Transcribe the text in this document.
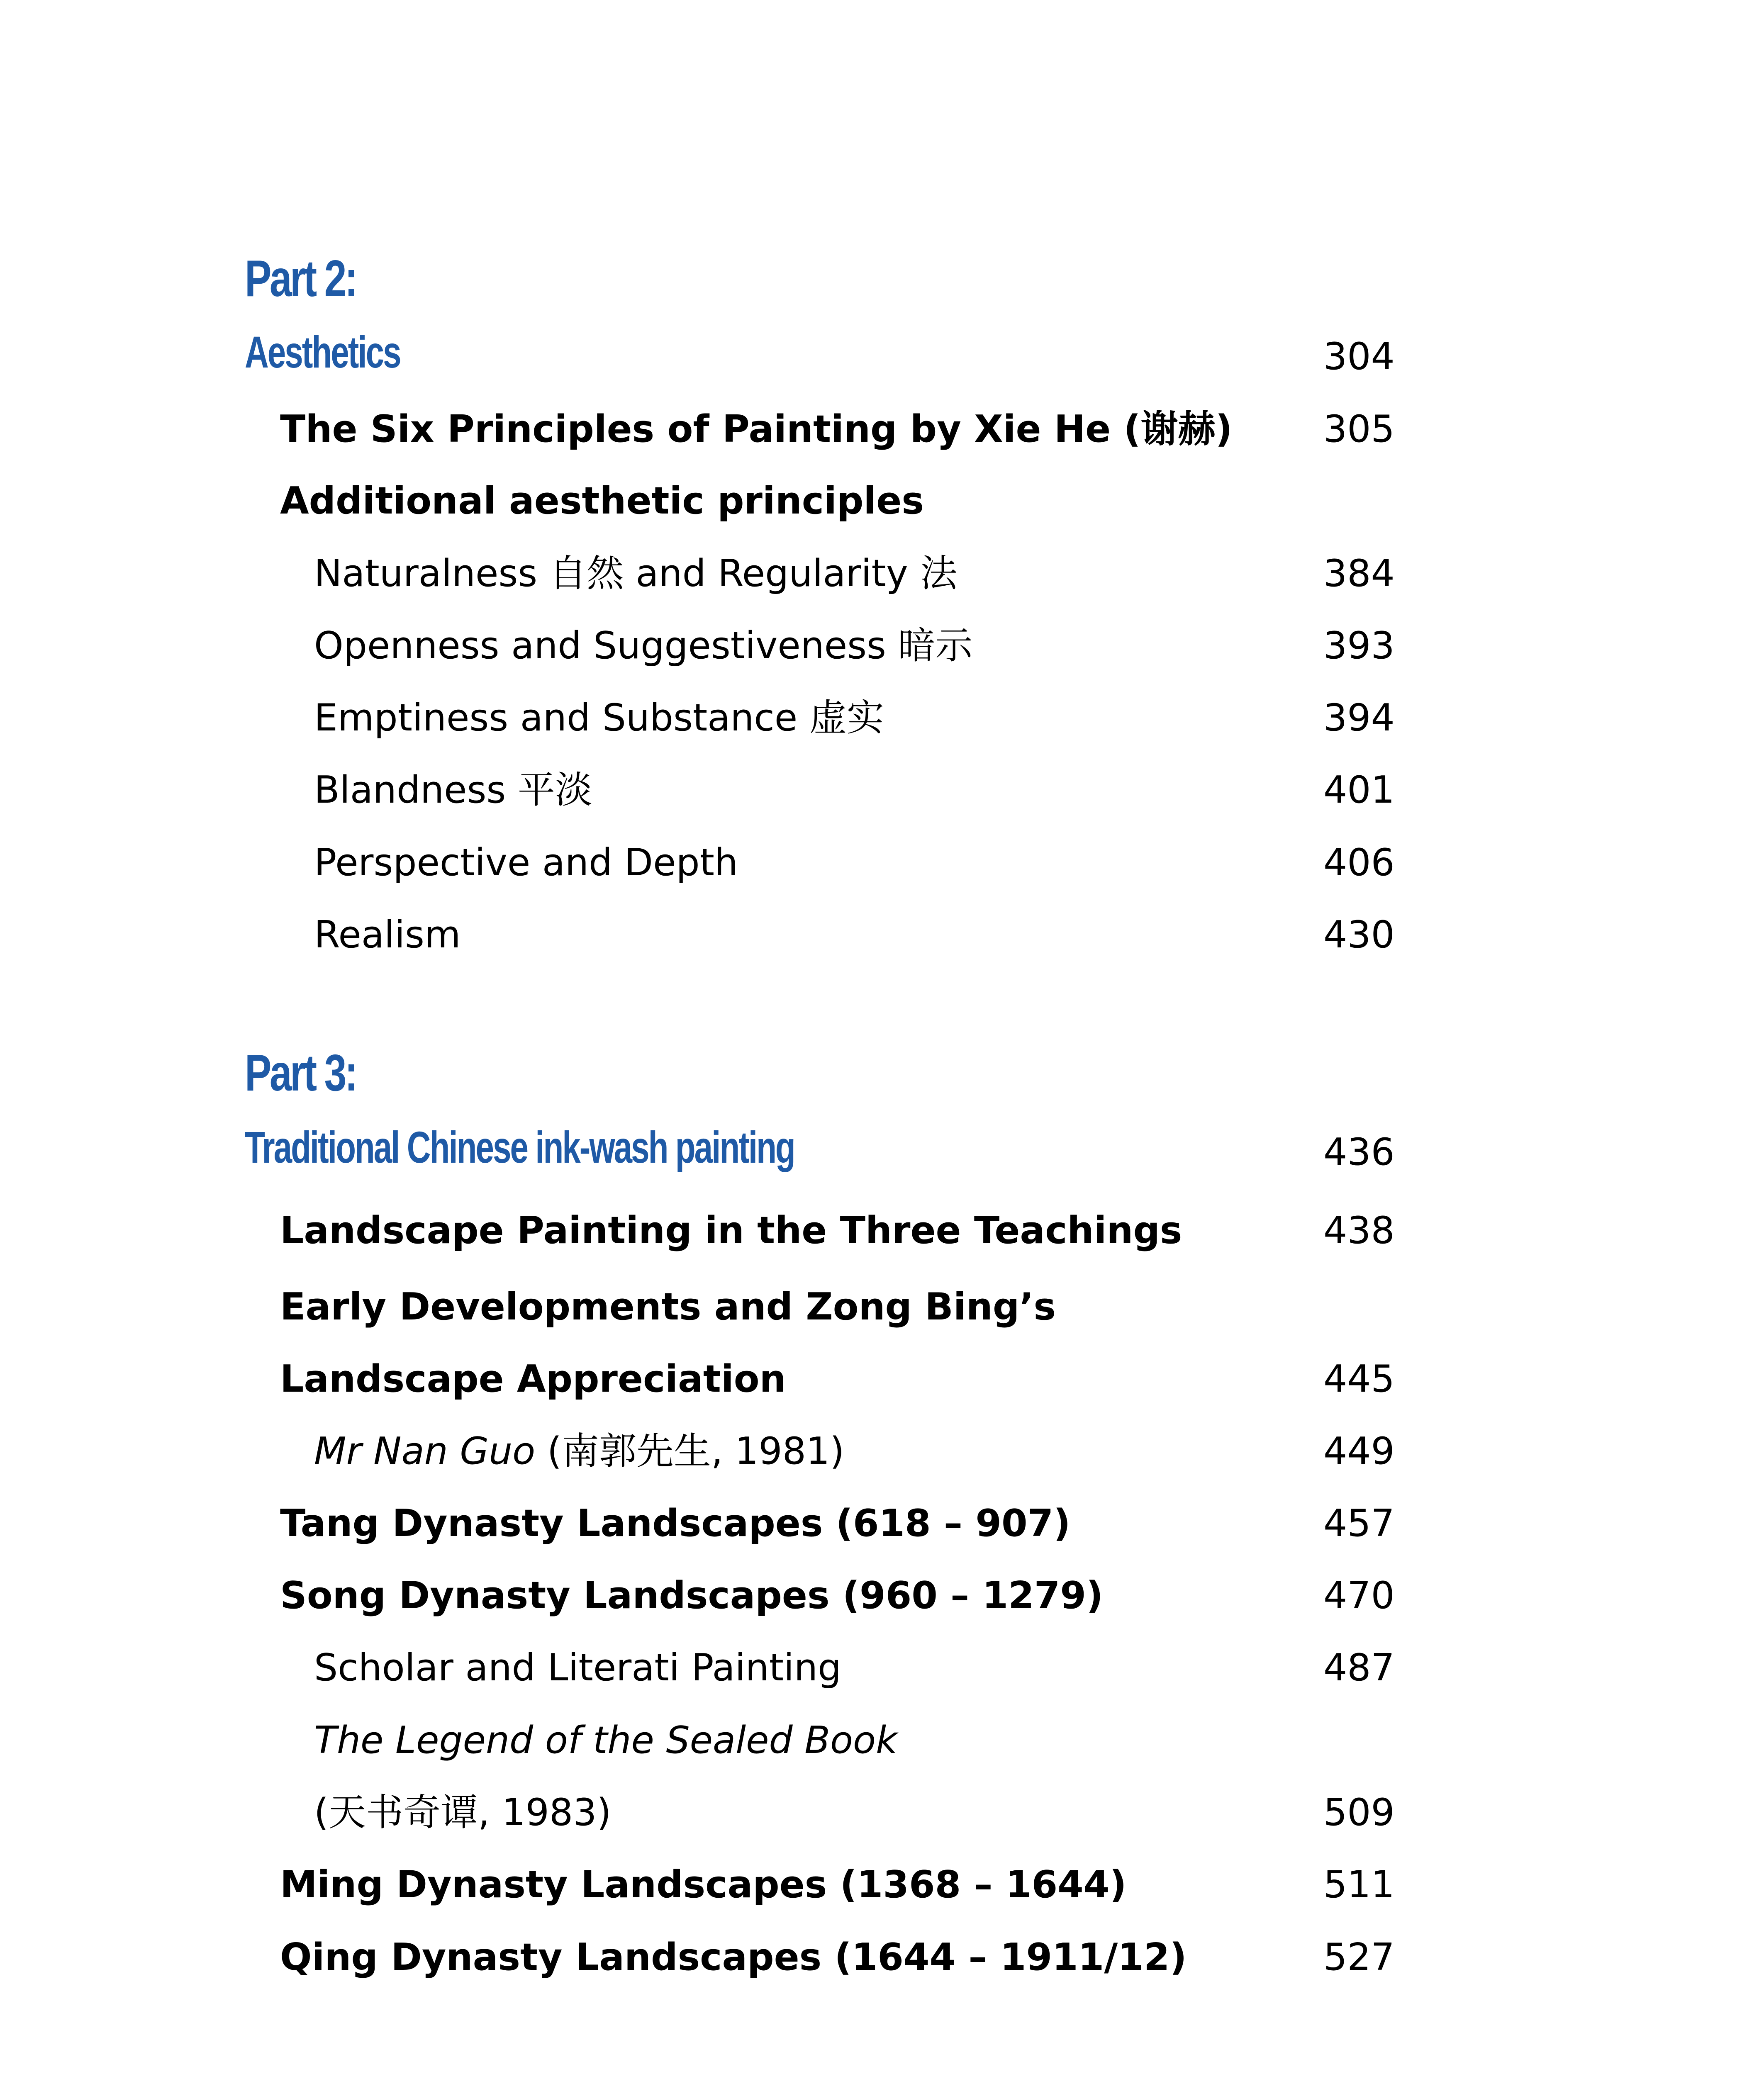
Part 2:
Aesthetics	304
The Six Principles of Painting by Xie He (谢赫) 305
Additional aesthetic principles
Naturalness 自然 and Regularity 法	384
Openness and Suggestiveness 暗示	393
Emptiness and Substance 虚实	394
Blandness 平淡	401
Perspective and Depth	406
Realism	430
Part 3:
Traditional Chinese ink-wash painting	436
Landscape Painting in the Three Teachings	438
Early Developments and Zong Bing’s
Landscape Appreciation	445
Mr Nan Guo (南郭先生, 1981)	449
Tang Dynasty Landscapes (618 – 907)	457
Song Dynasty Landscapes (960 – 1279)	470
Scholar and Literati Painting	487
The Legend of the Sealed Book
(天书奇谭, 1983)	509
Ming Dynasty Landscapes (1368 – 1644)	511
Qing Dynasty Landscapes (1644 – 1911/12)	527
